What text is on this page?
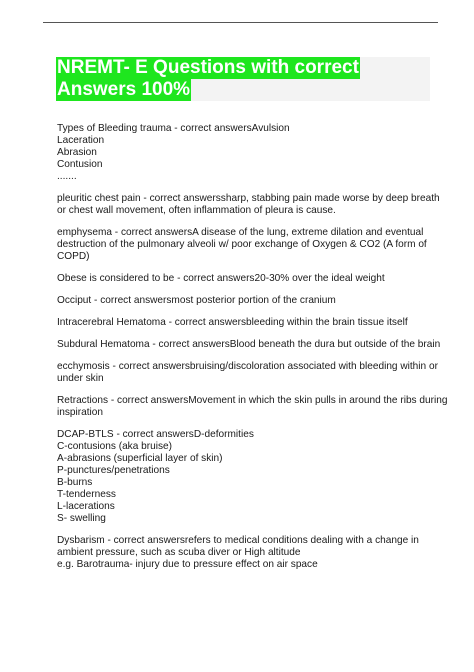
NREMT- E Questions with correct
Answers 100%
Types of Bleeding trauma - correct answersAvulsion
Laceration
Abrasion
Contusion
.......
pleuritic chest pain - correct answerssharp, stabbing pain made worse by deep breath
or chest wall movement, often inflammation of pleura is cause.
emphysema - correct answersA disease of the lung, extreme dilation and eventual
destruction of the pulmonary alveoli w/ poor exchange of Oxygen & CO2 (A form of
COPD)
Obese is considered to be - correct answers20-30% over the ideal weight
Occiput - correct answersmost posterior portion of the cranium
Intracerebral Hematoma - correct answersbleeding within the brain tissue itself
Subdural Hematoma - correct answersBlood beneath the dura but outside of the brain
ecchymosis - correct answersbruising/discoloration associated with bleeding within or
under skin
Retractions - correct answersMovement in which the skin pulls in around the ribs during
inspiration
DCAP-BTLS - correct answersD-deformities
C-contusions (aka bruise)
A-abrasions (superficial layer of skin)
P-punctures/penetrations
B-burns
T-tenderness
L-lacerations
S- swelling
Dysbarism - correct answersrefers to medical conditions dealing with a change in
ambient pressure, such as scuba diver or High altitude
e.g. Barotrauma- injury due to pressure effect on air space
